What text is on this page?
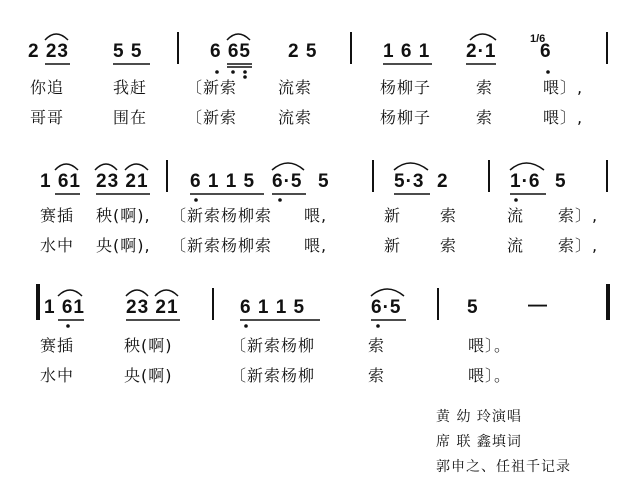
2 23 5 5	6 65 2 5	1 6 1 2·1
1/6
6
你追	我赶 〔新索	流索	杨柳子	索	喂〕,
哥哥	围在 〔新索	流索	杨柳子	索	喂〕,
1 61 23 21 6 1 1 5 6·5 5	5·3 2	1·6 5
赛插 秧(啊), 〔新索杨柳索 喂,	新 索	流 索〕,
水中 央(啊), 〔新索杨柳索 喂,	新 索	流 索〕,
1 61 23 21	6 1 1 5	6·5	5	—
赛插	秧(啊)	〔新索杨柳	索	喂〕。
水中	央(啊)	〔新索杨柳	索	喂〕。
黄 幼 玲演唱
席 联 鑫填词
郭申之、任祖千记录
